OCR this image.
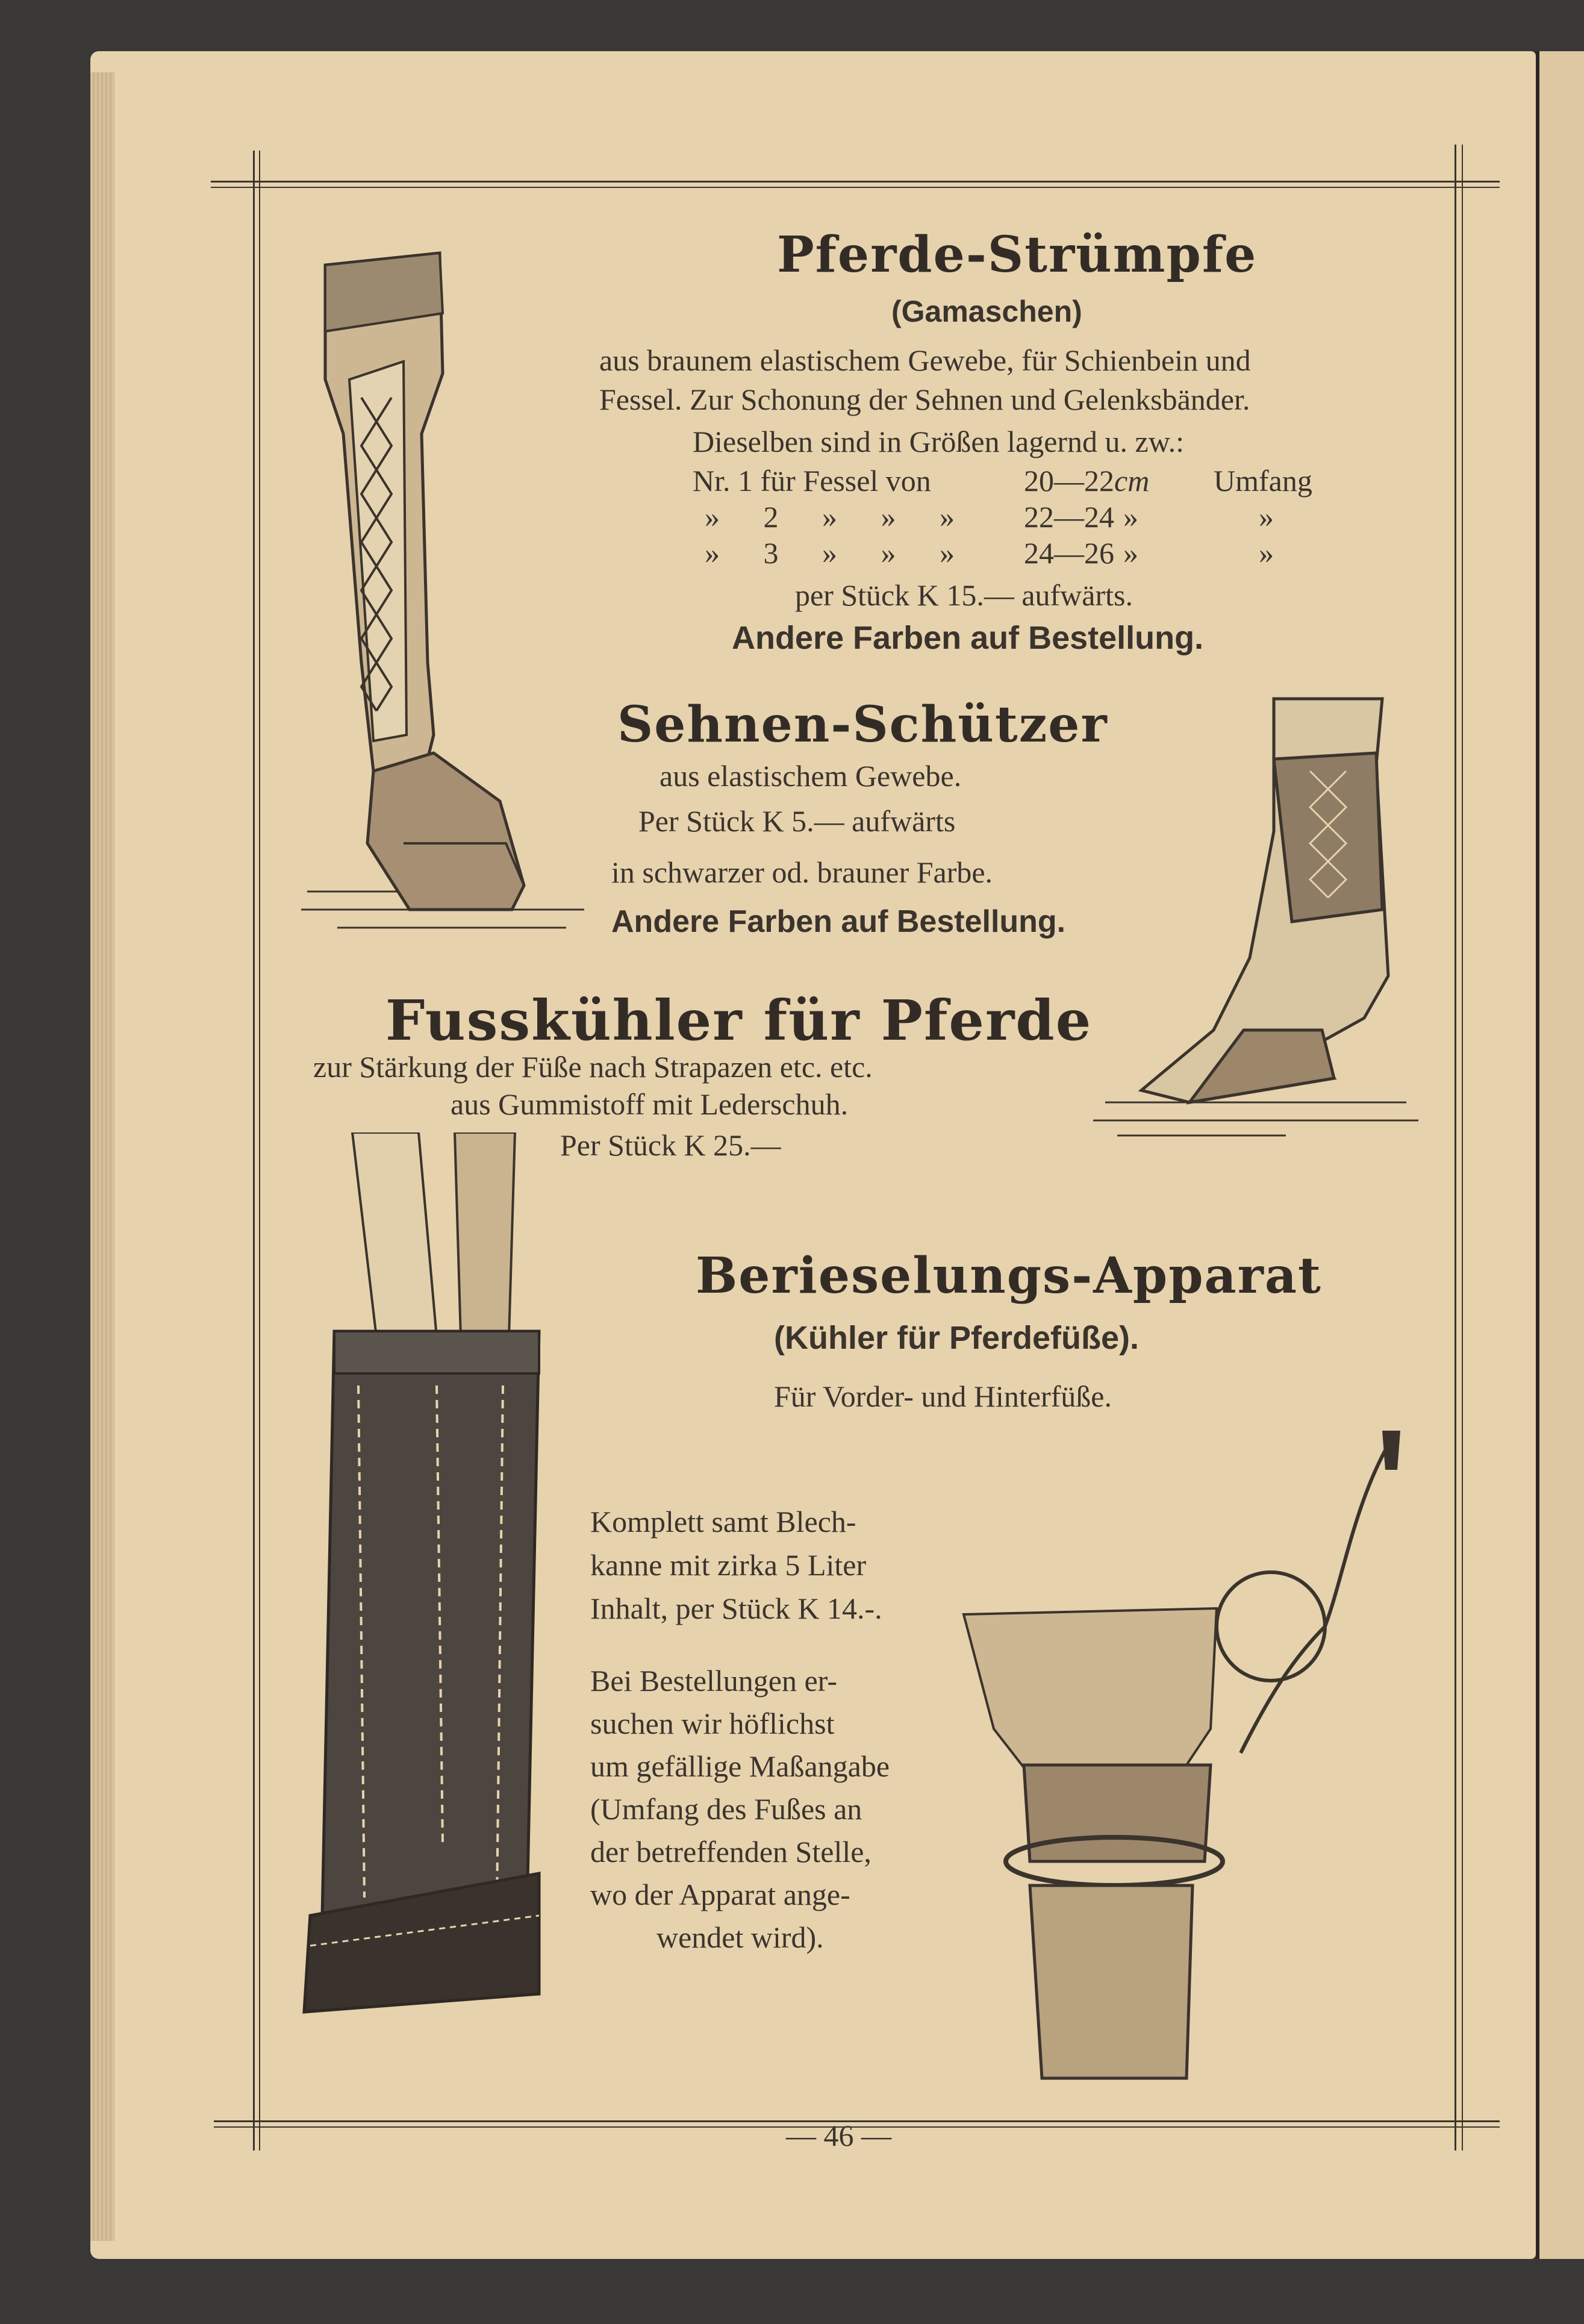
Pferde-Strümpfe
(Gamaschen)
aus braunem elastischem Gewebe, für Schienbein und
Fessel. Zur Schonung der Sehnen und Gelenksbänder.
Dieselben sind in Größen lagernd u. zw.:
Nr. 1 für Fessel von	20—22 cm Umfang
» 2 » » » 22—24 »	»
» 3 » » » 24—26 »	»
per Stück K 15.— aufwärts.
Andere Farben auf Bestellung.
Sehnen-Schützer
aus elastischem Gewebe.
Per Stück K 5.— aufwärts
in schwarzer od. brauner Farbe.
Andere Farben auf Bestellung.
Fusskühler für Pferde
zur Stärkung der Füße nach Strapazen etc. etc.
aus Gummistoff mit Lederschuh.
Per Stück K 25.—
Berieselungs-Apparat
(Kühler für Pferdefüße).
Für Vorder- und Hinterfüße.
Komplett samt Blech-
kanne mit zirka 5 Liter
Inhalt, per Stück K 14.-.
Bei Bestellungen er-
suchen wir höflichst
um gefällige Maßangabe
(Umfang des Fußes an
der betreffenden Stelle,
wo der Apparat ange-
wendet wird).
— 46 —
